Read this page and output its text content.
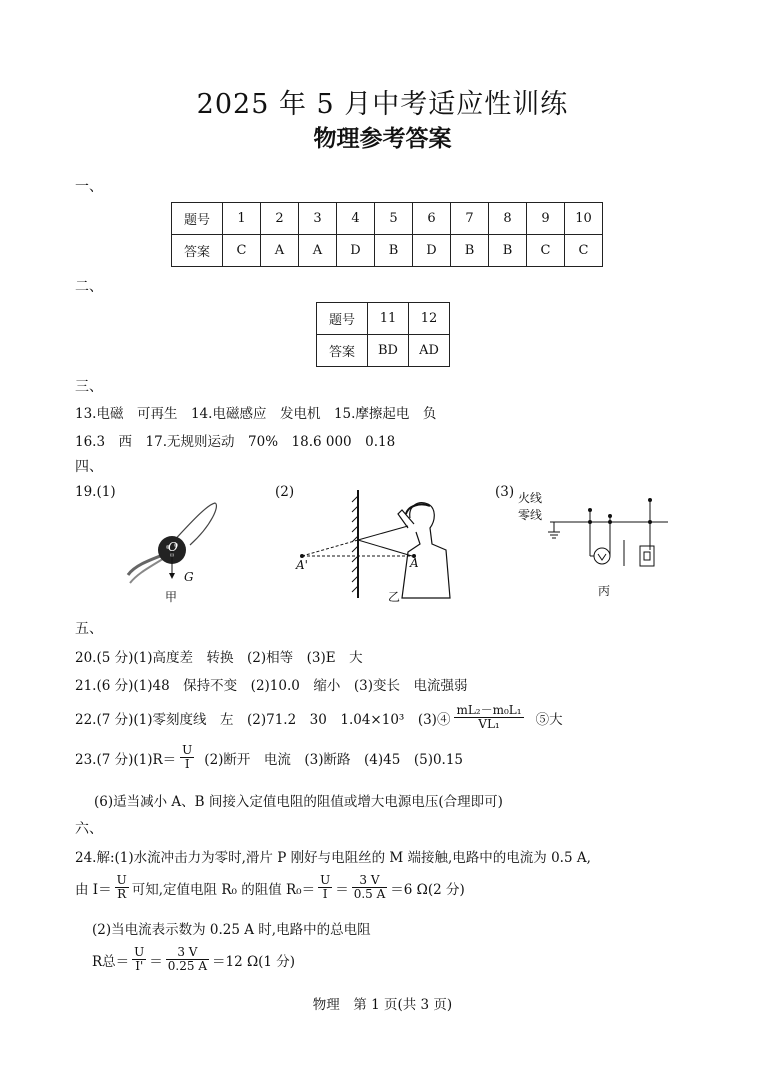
2025 年 5 月中考适应性训练
物理参考答案
一、
题号	1	2	3	4	5	6	7	8	9	10
答案	C	A	A	D	B	D	B	B	C	C
二、
题号	11	12
答案	BD	AD
三、
13.电磁　可再生　14.电磁感应　发电机　15.摩擦起电　负
16.3　西　17.无规则运动　70%　18.6 000　0.18
四、
19.(1)	(2)	(3)
O
G
甲
A'	A
乙
火线
零线
丙
五、
20.(5 分)(1)高度差　转换　(2)相等　(3)E　大
21.(6 分)(1)48　保持不变　(2)10.0　缩小　(3)变长　电流强弱
22.(7 分)(1)零刻度线　左　(2)71.2　30　1.04×10³　(3)④ $\frac{\text{mL₂－m₀L₁}}{\text{VL₁}}$ ⑤大
23.(7 分)$(1)R= \frac{U}{I} (2)$断开　电流　(3)断路　(4)45　(5)0.15
(6)适当减小 A、B 间接入定值电阻的阻值或增大电源电压(合理即可)
六、
24.解:(1)水流冲击力为零时,滑片 P 刚好与电阻丝的 M 端接触,电路中的电流为 0.5 A,
由 $I= \frac{U}{R}$ 可知,定值电阻 R₀ 的阻值 $R_0= \frac{U}{I} = \frac{3 V}{0.5 A} =6$ Ω(2 分)
(2)当电流表示数为 0.25 A 时,电路中的总电阻
R总＝ $\frac{U}{I'} = \frac{3 V}{0.25 A} =12$ Ω(1 分)
物理　第 1 页(共 3 页)
